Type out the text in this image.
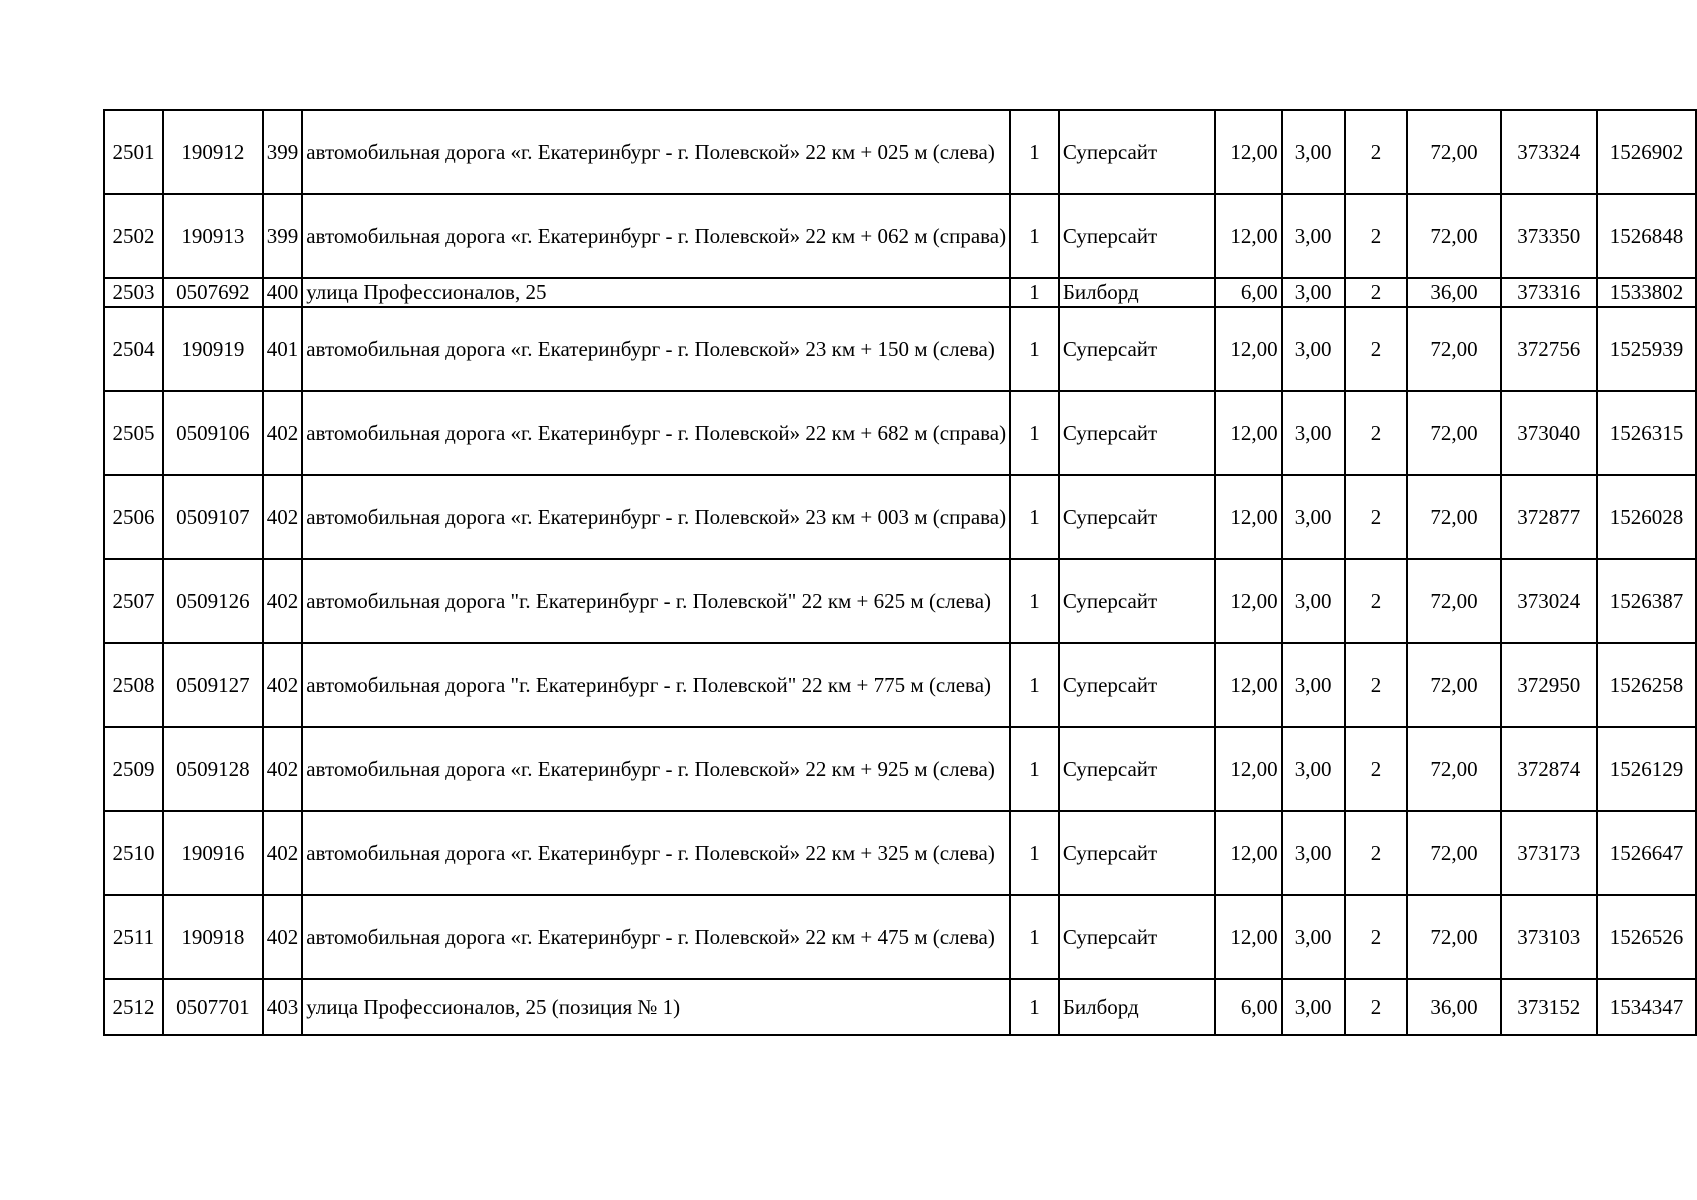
2501	190912	399	автомобильная дорога «г. Екатеринбург - г. Полевской» 22 км + 025 м (слева)	1	Суперсайт	12,00	3,00	2	72,00	373324	1526902
2502	190913	399	автомобильная дорога «г. Екатеринбург - г. Полевской» 22 км + 062 м (справа)	1	Суперсайт	12,00	3,00	2	72,00	373350	1526848
2503	0507692	400	улица Профессионалов, 25	1	Билборд	6,00	3,00	2	36,00	373316	1533802
2504	190919	401	автомобильная дорога «г. Екатеринбург - г. Полевской» 23 км + 150 м (слева)	1	Суперсайт	12,00	3,00	2	72,00	372756	1525939
2505	0509106	402	автомобильная дорога «г. Екатеринбург - г. Полевской» 22 км + 682 м (справа)	1	Суперсайт	12,00	3,00	2	72,00	373040	1526315
2506	0509107	402	автомобильная дорога «г. Екатеринбург - г. Полевской» 23 км + 003 м (справа)	1	Суперсайт	12,00	3,00	2	72,00	372877	1526028
2507	0509126	402	автомобильная дорога "г. Екатеринбург - г. Полевской" 22 км + 625 м (слева)	1	Суперсайт	12,00	3,00	2	72,00	373024	1526387
2508	0509127	402	автомобильная дорога "г. Екатеринбург - г. Полевской" 22 км + 775 м (слева)	1	Суперсайт	12,00	3,00	2	72,00	372950	1526258
2509	0509128	402	автомобильная дорога «г. Екатеринбург - г. Полевской» 22 км + 925 м (слева)	1	Суперсайт	12,00	3,00	2	72,00	372874	1526129
2510	190916	402	автомобильная дорога «г. Екатеринбург - г. Полевской» 22 км + 325 м (слева)	1	Суперсайт	12,00	3,00	2	72,00	373173	1526647
2511	190918	402	автомобильная дорога «г. Екатеринбург - г. Полевской» 22 км + 475 м (слева)	1	Суперсайт	12,00	3,00	2	72,00	373103	1526526
2512	0507701	403	улица Профессионалов, 25 (позиция № 1)	1	Билборд	6,00	3,00	2	36,00	373152	1534347
